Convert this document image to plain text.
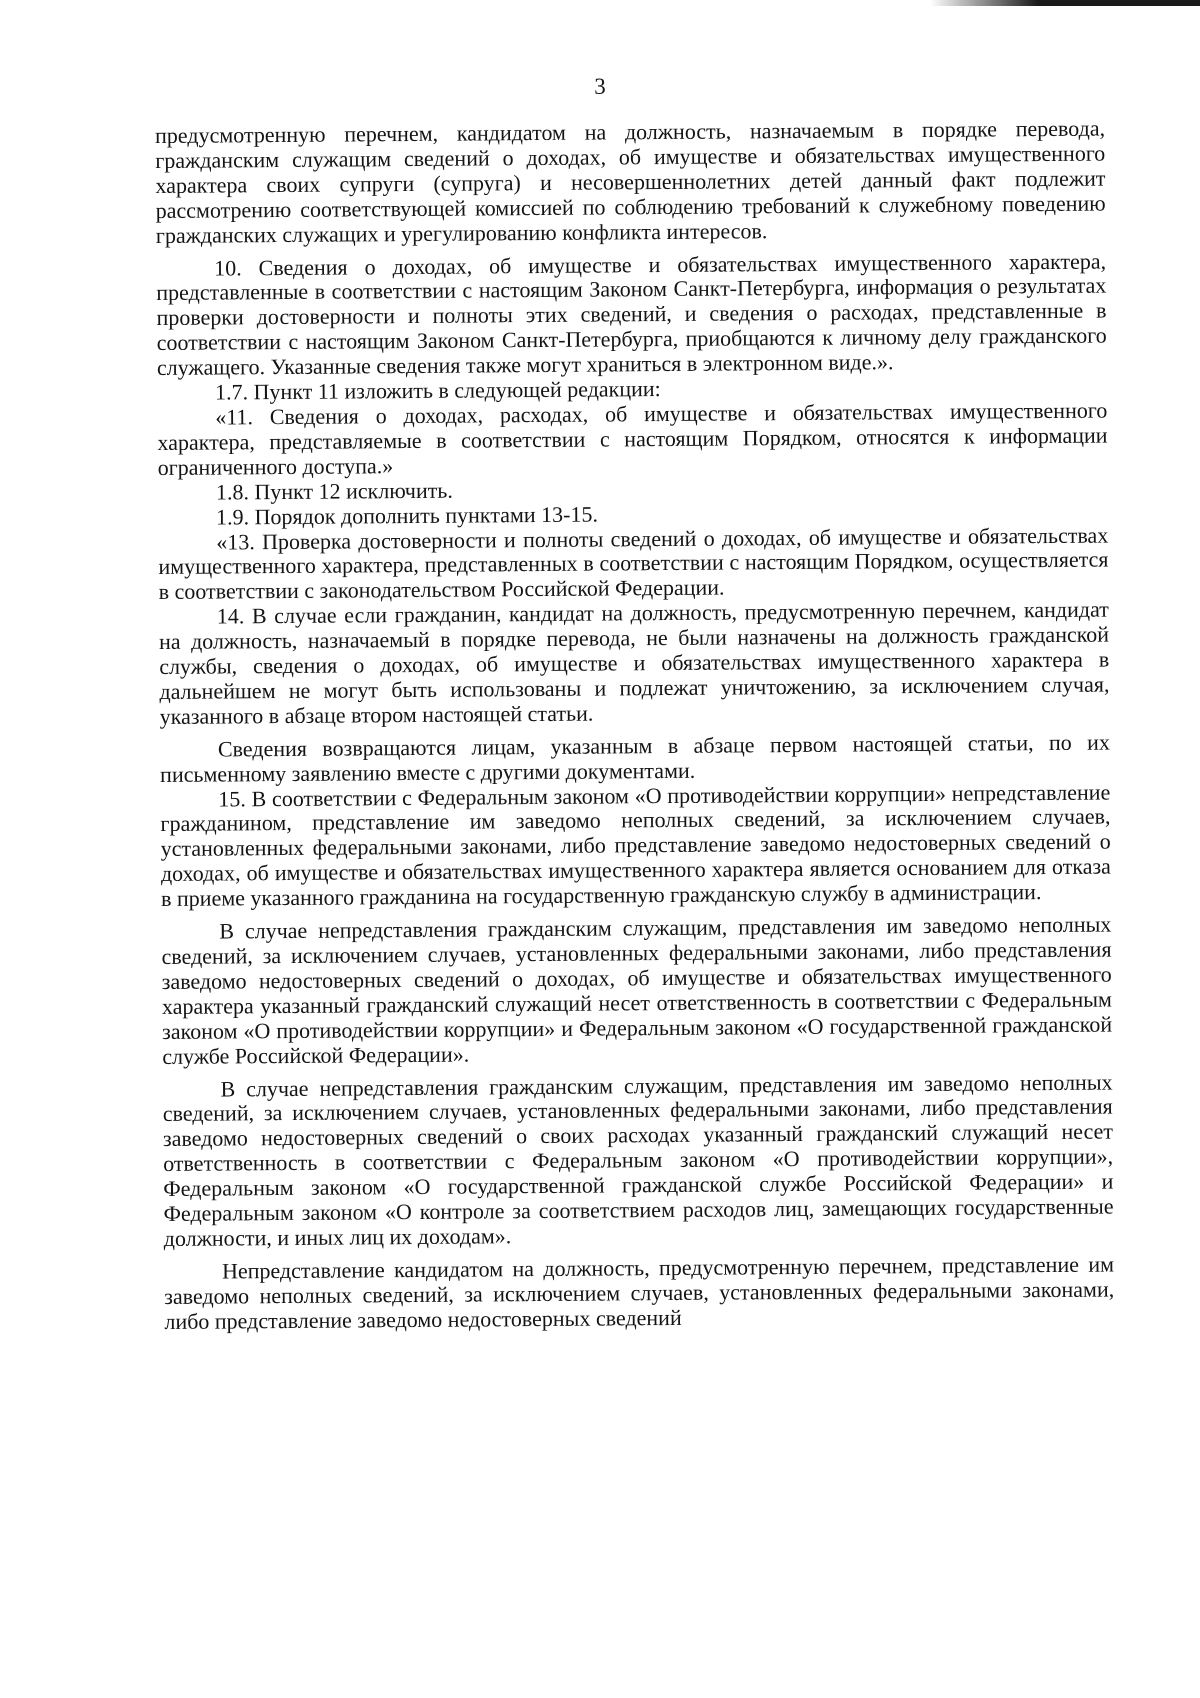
3

предусмотренную перечнем, кандидатом на должность, назначаемым в порядке перевода, гражданским служащим сведений о доходах, об имуществе и обязательствах имущественного характера своих супруги (супруга) и несовершеннолетних детей данный факт подлежит рассмотрению соответствующей комиссией по соблюдению требований к служебному поведению гражданских служащих и урегулированию конфликта интересов.

10. Сведения о доходах, об имуществе и обязательствах имущественного характера, представленные в соответствии с настоящим Законом Санкт-Петербурга, информация о результатах проверки достоверности и полноты этих сведений, и сведения о расходах, представленные в соответствии с настоящим Законом Санкт-Петербурга, приобщаются к личному делу гражданского служащего. Указанные сведения также могут храниться в электронном виде.».

1.7. Пункт 11 изложить в следующей редакции:

«11. Сведения о доходах, расходах, об имуществе и обязательствах имущественного характера, представляемые в соответствии с настоящим Порядком, относятся к информации ограниченного доступа.»

1.8. Пункт 12 исключить.

1.9. Порядок дополнить пунктами 13-15.

«13. Проверка достоверности и полноты сведений о доходах, об имуществе и обязательствах имущественного характера, представленных в соответствии с настоящим Порядком, осуществляется в соответствии с законодательством Российской Федерации.

14. В случае если гражданин, кандидат на должность, предусмотренную перечнем, кандидат на должность, назначаемый в порядке перевода, не были назначены на должность гражданской службы, сведения о доходах, об имуществе и обязательствах имущественного характера в дальнейшем не могут быть использованы и подлежат уничтожению, за исключением случая, указанного в абзаце втором настоящей статьи.

Сведения возвращаются лицам, указанным в абзаце первом настоящей статьи, по их письменному заявлению вместе с другими документами.

15. В соответствии с Федеральным законом «О противодействии коррупции» непредставление гражданином, представление им заведомо неполных сведений, за исключением случаев, установленных федеральными законами, либо представление заведомо недостоверных сведений о доходах, об имуществе и обязательствах имущественного характера является основанием для отказа в приеме указанного гражданина на государственную гражданскую службу в администрации.

В случае непредставления гражданским служащим, представления им заведомо неполных сведений, за исключением случаев, установленных федеральными законами, либо представления заведомо недостоверных сведений о доходах, об имуществе и обязательствах имущественного характера указанный гражданский служащий несет ответственность в соответствии с Федеральным законом «О противодействии коррупции» и Федеральным законом «О государственной гражданской службе Российской Федерации».

В случае непредставления гражданским служащим, представления им заведомо неполных сведений, за исключением случаев, установленных федеральными законами, либо представления заведомо недостоверных сведений о своих расходах указанный гражданский служащий несет ответственность в соответствии с Федеральным законом «О противодействии коррупции», Федеральным законом «О государственной гражданской службе Российской Федерации» и Федеральным законом «О контроле за соответствием расходов лиц, замещающих государственные должности, и иных лиц их доходам».

Непредставление кандидатом на должность, предусмотренную перечнем, представление им заведомо неполных сведений, за исключением случаев, установленных федеральными законами, либо представление заведомо недостоверных сведений
